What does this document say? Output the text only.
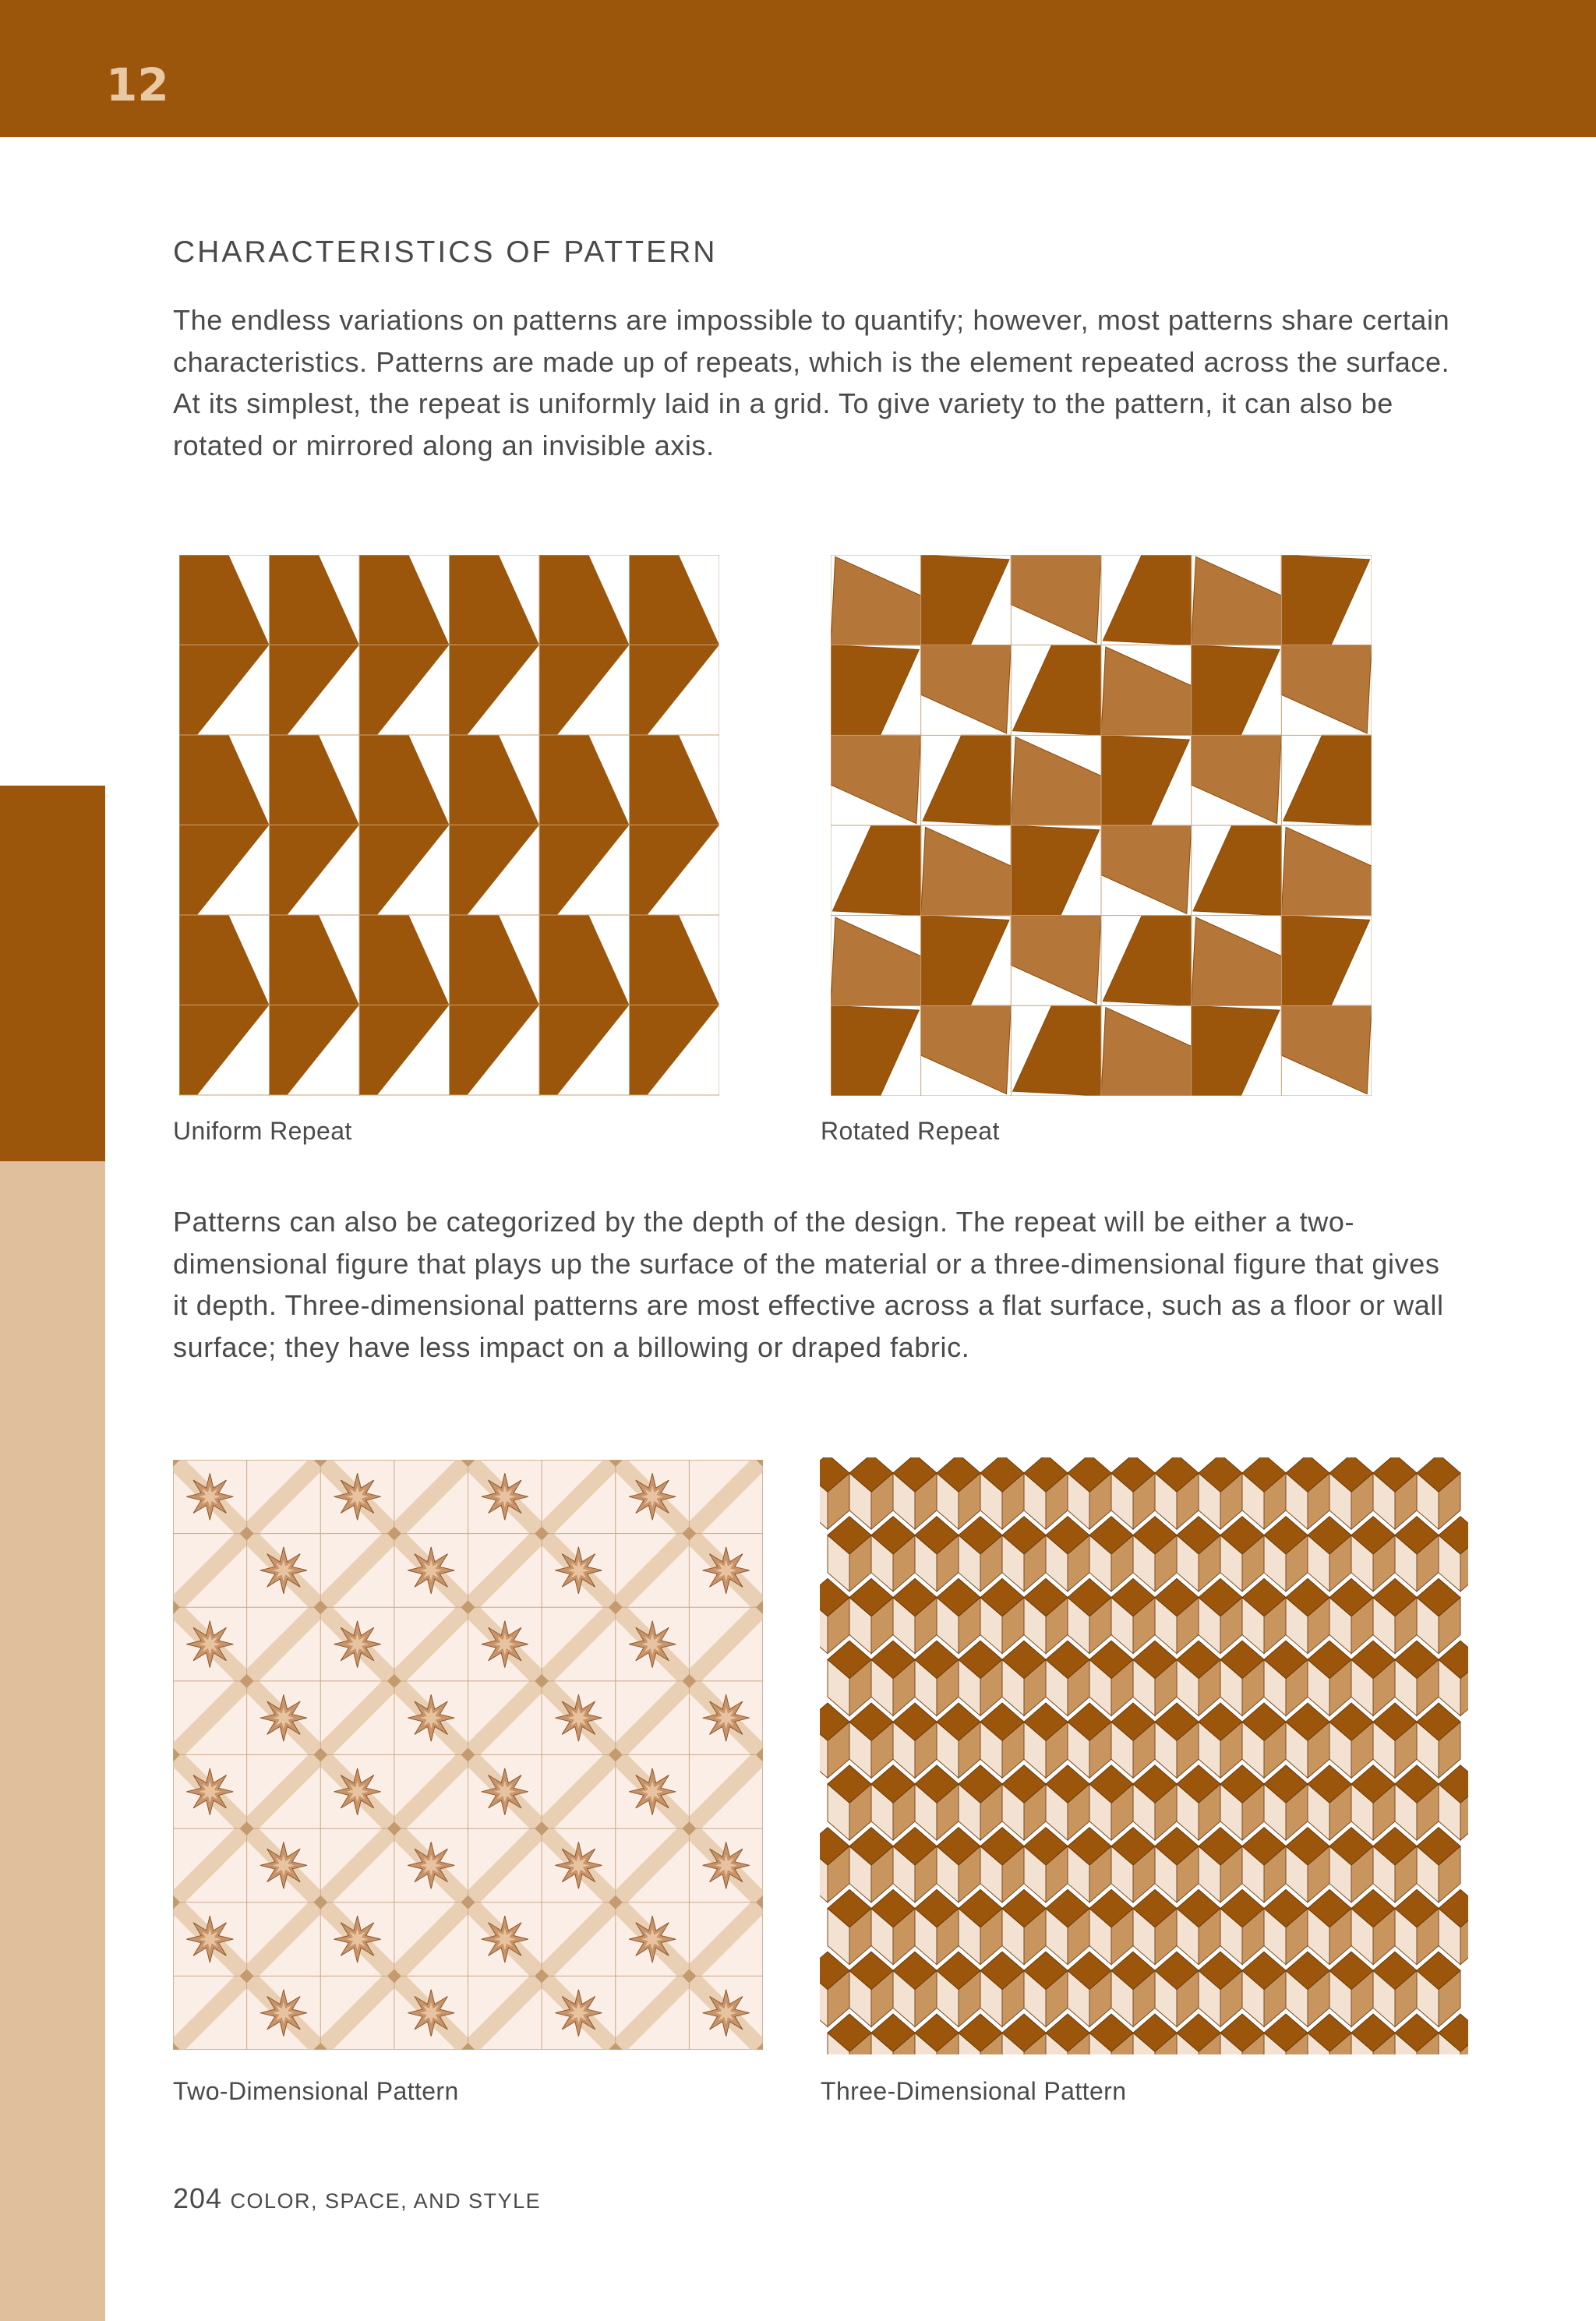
12
CHARACTERISTICS OF PATTERN
The endless variations on patterns are impossible to quantify; however, most patterns share certain characteristics. Patterns are made up of repeats, which is the element repeated across the surface. At its simplest, the repeat is uniformly laid in a grid. To give variety to the pattern, it can also be rotated or mirrored along an invisible axis.
Uniform Repeat	Rotated Repeat
Patterns can also be categorized by the depth of the design. The repeat will be either a two-dimensional figure that plays up the surface of the material or a three-dimensional figure that gives it depth. Three-dimensional patterns are most effective across a flat surface, such as a floor or wall surface; they have less impact on a billowing or draped fabric.
Two-Dimensional Pattern	Three-Dimensional Pattern
204 COLOR, SPACE, AND STYLE
